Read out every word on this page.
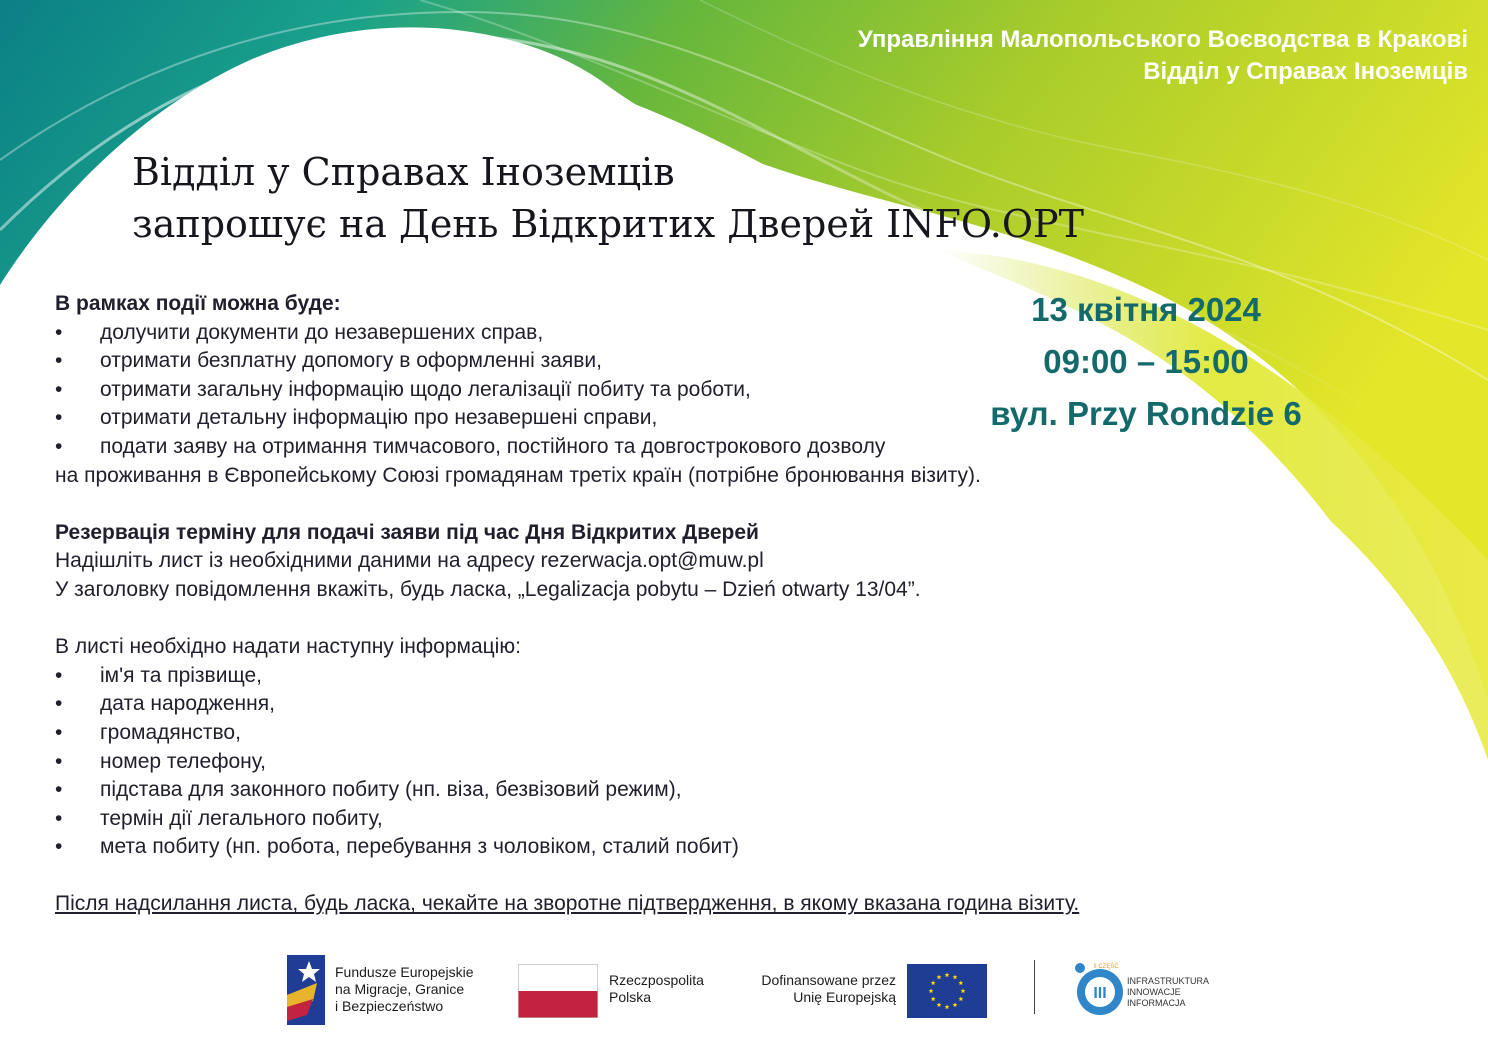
Управління Малопольського Воєводства в Кракові
Відділ у Справах Іноземців
Відділ у Справах Іноземців
запрошує на День Відкритих Дверей INFO.OPT
13 квітня 2024
09:00 – 15:00
вул. Przy Rondzie 6
В рамках події можна буде:
•	долучити документи до незавершених справ,
•	отримати безплатну допомогу в оформленні заяви,
•	отримати загальну інформацію щодо легалізації побиту та роботи,
•	отримати детальну інформацію про незавершені справи,
•	подати заяву на отримання тимчасового, постійного та довгострокового дозволу
на проживання в Європейському Союзі громадянам третіх країн (потрібне бронювання візиту).
Резервація терміну для подачі заяви під час Дня Відкритих Дверей
Надішліть лист із необхідними даними на адресу rezerwacja.opt@muw.pl
У заголовку повідомлення вкажіть, будь ласка, „Legalizacja pobytu – Dzień otwarty 13/04”.
В листі необхідно надати наступну інформацію:
•	ім'я та прізвище,
•	дата народження,
•	громадянство,
•	номер телефону,
•	підстава для законного побиту (нп. віза, безвізовий режим),
•	термін дії легального побиту,
•	мета побиту (нп. робота, перебування з чоловіком, сталий побит)
Після надсилання листа, будь ласка, чекайте на зворотне підтвердження, в якому вказана година візиту.
Fundusze Europejskie
na Migracje, Granice
i Bezpieczeństwo
Rzeczpospolita
Polska
Dofinansowane przez
Unię Europejską	III
II CZĘŚĆ
INFRASTRUKTURA
INNOWACJE
INFORMACJA
